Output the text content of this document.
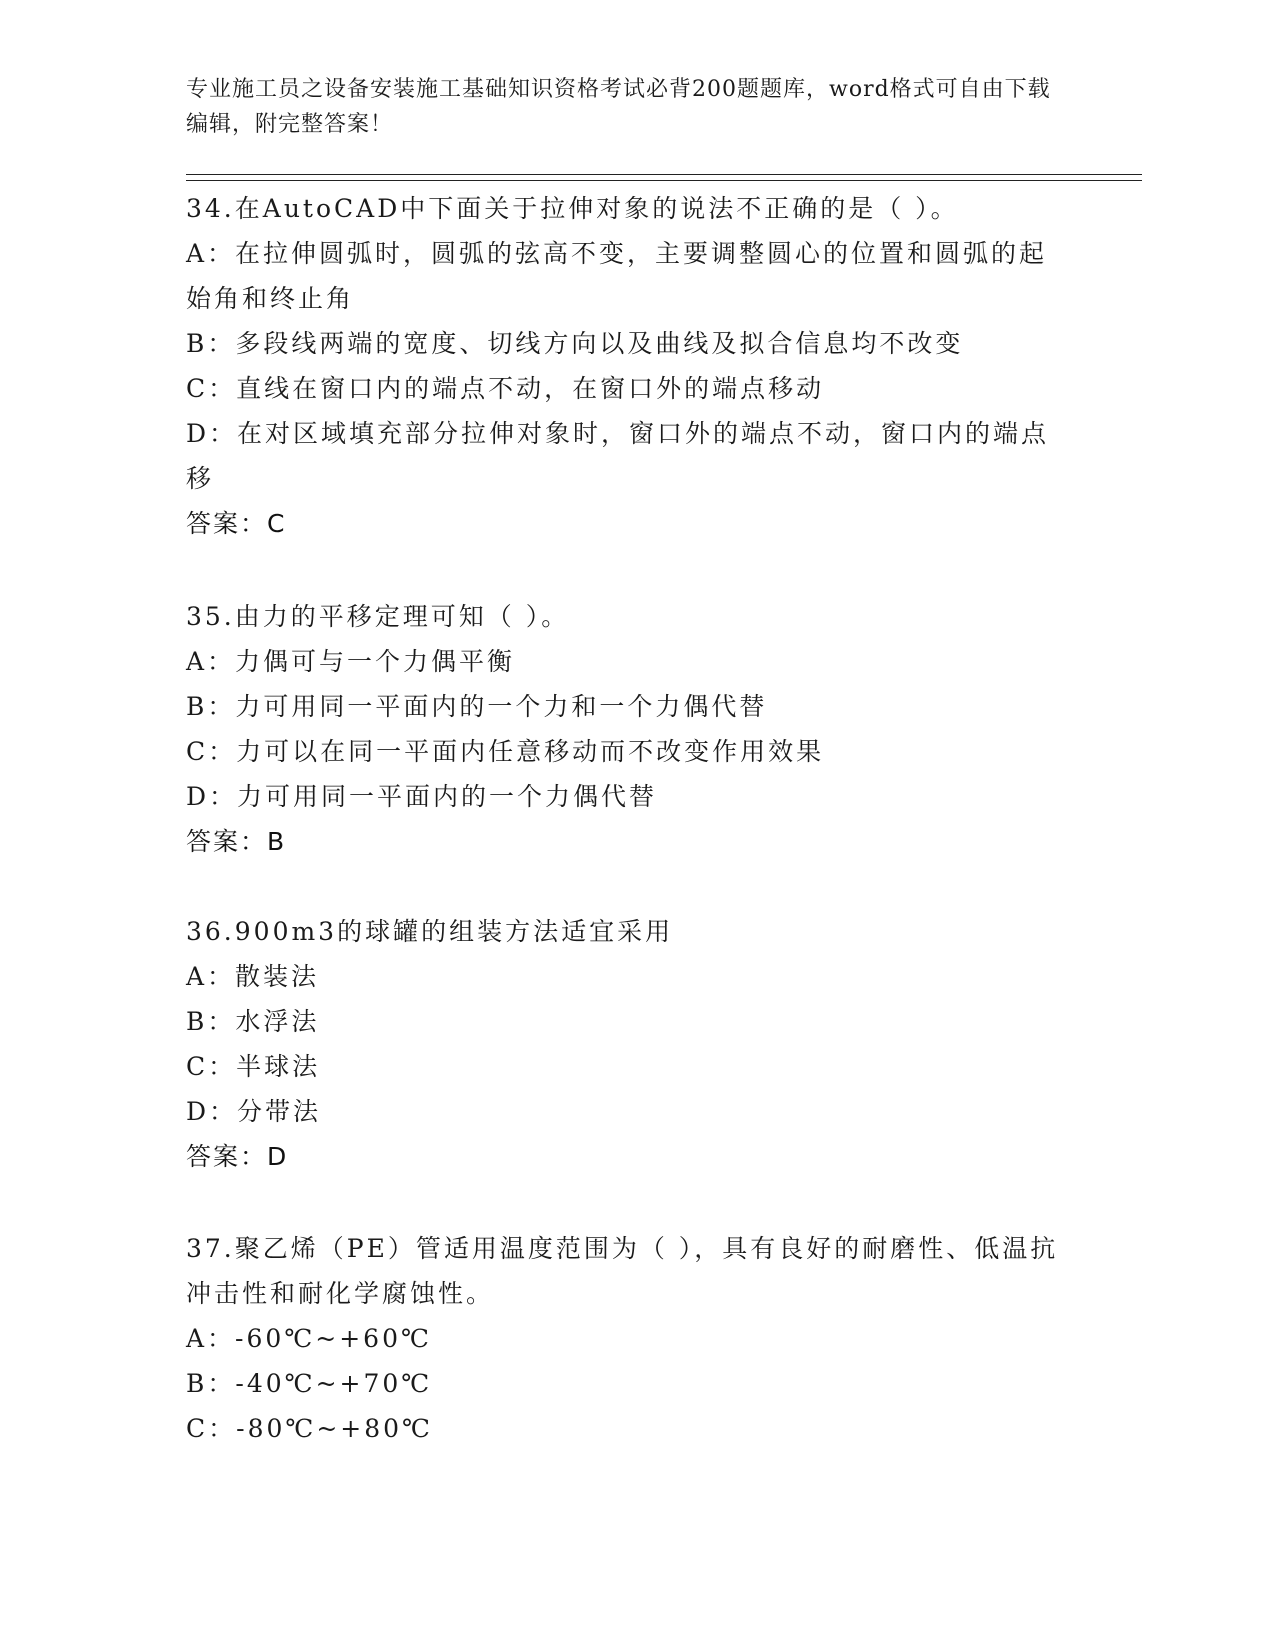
专业施工员之设备安装施工基础知识资格考试必背200题题库，word格式可自由下载编辑，附完整答案！

34.在AutoCAD中下面关于拉伸对象的说法不正确的是（ ）。

A：在拉伸圆弧时，圆弧的弦高不变，主要调整圆心的位置和圆弧的起始角和终止角

B：多段线两端的宽度、切线方向以及曲线及拟合信息均不改变

C：直线在窗口内的端点不动，在窗口外的端点移动

D：在对区域填充部分拉伸对象时，窗口外的端点不动，窗口内的端点移

答案：C

35.由力的平移定理可知（ ）。

A：力偶可与一个力偶平衡

B：力可用同一平面内的一个力和一个力偶代替

C：力可以在同一平面内任意移动而不改变作用效果

D：力可用同一平面内的一个力偶代替

答案：B

36.900m3的球罐的组装方法适宜采用

A：散装法

B：水浮法

C：半球法

D：分带法

答案：D

37.聚乙烯（PE）管适用温度范围为（ ），具有良好的耐磨性、低温抗冲击性和耐化学腐蚀性。

A：-60℃~+60℃

B：-40℃~+70℃

C：-80℃~+80℃
